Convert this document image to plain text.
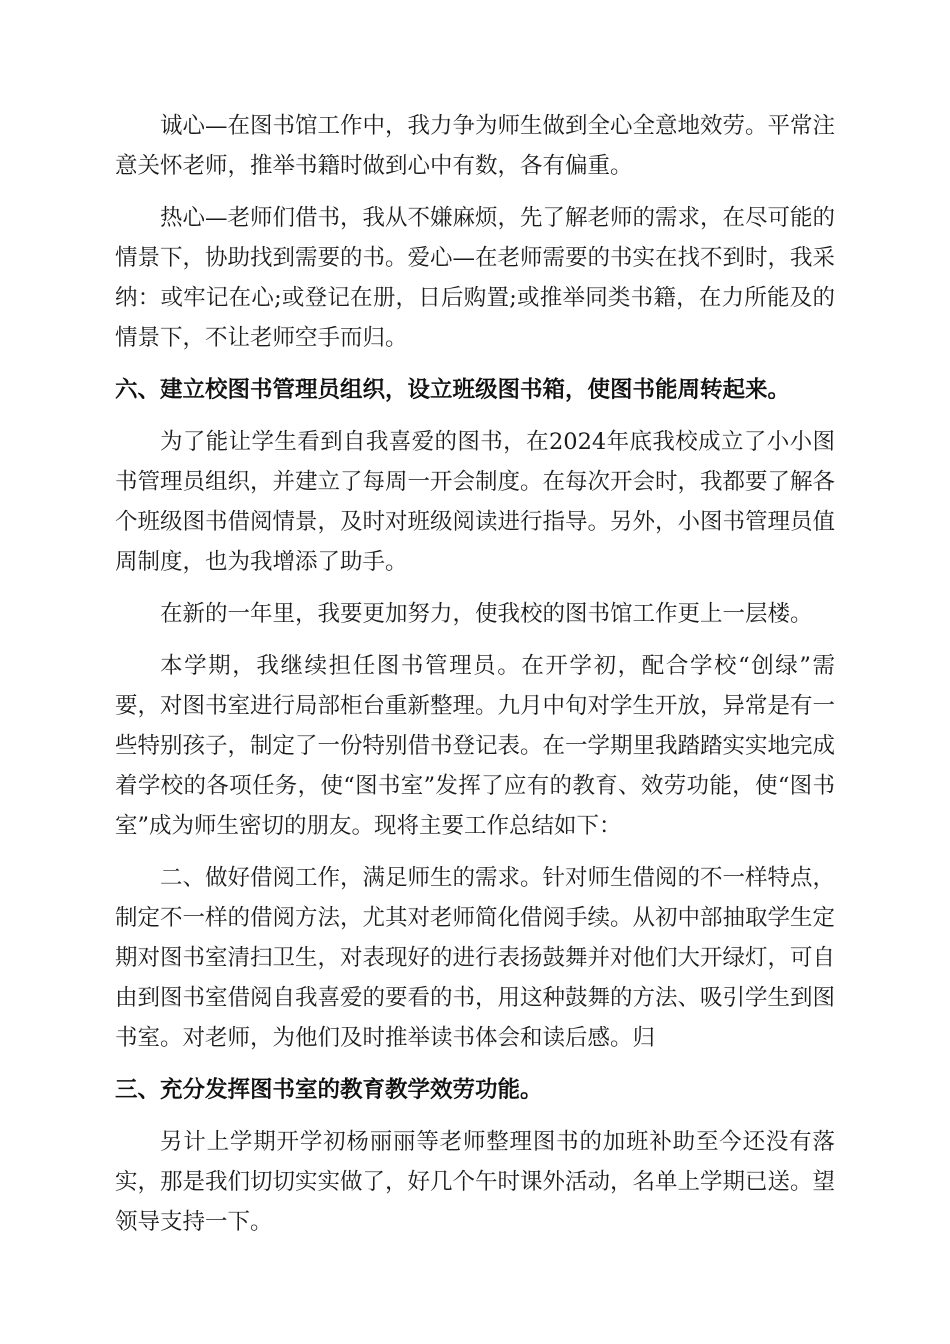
诚心—在图书馆工作中，我力争为师生做到全心全意地效劳。平常注意关怀老师，推举书籍时做到心中有数，各有偏重。

热心—老师们借书，我从不嫌麻烦，先了解老师的需求，在尽可能的情景下，协助找到需要的书。爱心—在老师需要的书实在找不到时，我采纳：或牢记在心;或登记在册，日后购置;或推举同类书籍，在力所能及的情景下，不让老师空手而归。

六、建立校图书管理员组织，设立班级图书箱，使图书能周转起来。

为了能让学生看到自我喜爱的图书，在2024年底我校成立了小小图书管理员组织，并建立了每周一开会制度。在每次开会时，我都要了解各个班级图书借阅情景，及时对班级阅读进行指导。另外，小图书管理员值周制度，也为我增添了助手。

在新的一年里，我要更加努力，使我校的图书馆工作更上一层楼。

本学期，我继续担任图书管理员。在开学初，配合学校“创绿”需要，对图书室进行局部柜台重新整理。九月中旬对学生开放，异常是有一些特别孩子，制定了一份特别借书登记表。在一学期里我踏踏实实地完成着学校的各项任务，使“图书室”发挥了应有的教育、效劳功能，使“图书室”成为师生密切的朋友。现将主要工作总结如下：

二、做好借阅工作，满足师生的需求。针对师生借阅的不一样特点，制定不一样的借阅方法，尤其对老师简化借阅手续。从初中部抽取学生定期对图书室清扫卫生，对表现好的进行表扬鼓舞并对他们大开绿灯，可自由到图书室借阅自我喜爱的要看的书，用这种鼓舞的方法、吸引学生到图书室。对老师，为他们及时推举读书体会和读后感。归

三、充分发挥图书室的教育教学效劳功能。

另计上学期开学初杨丽丽等老师整理图书的加班补助至今还没有落实，那是我们切切实实做了，好几个午时课外活动，名单上学期已送。望领导支持一下。
